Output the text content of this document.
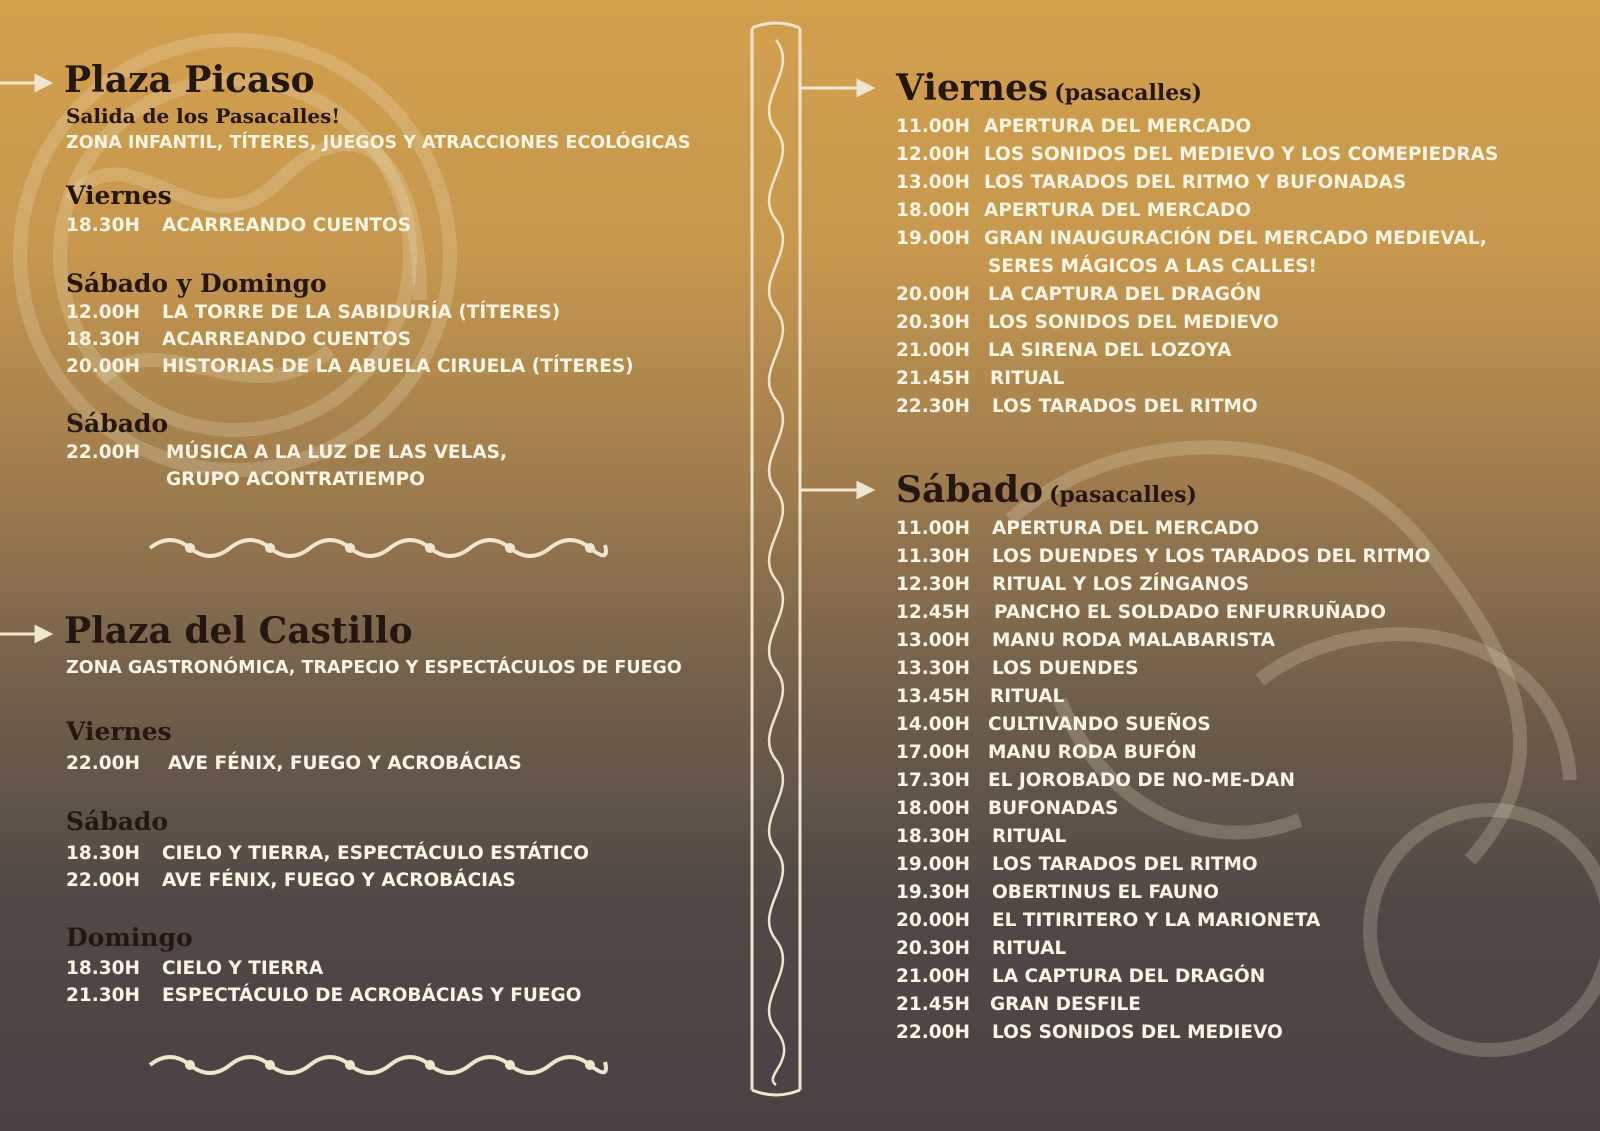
Plaza Picaso
Salida de los Pasacalles!
ZONA INFANTIL, TÍTERES, JUEGOS Y ATRACCIONES ECOLÓGICAS
Viernes
18.30H ACARREANDO CUENTOS
Sábado y Domingo
12.00H LA TORRE DE LA SABIDURÍA (TÍTERES)
18.30H ACARREANDO CUENTOS
20.00H HISTORIAS DE LA ABUELA CIRUELA (TÍTERES)
Sábado
22.00H MÚSICA A LA LUZ DE LAS VELAS,
GRUPO ACONTRATIEMPO
Plaza del Castillo
ZONA GASTRONÓMICA, TRAPECIO Y ESPECTÁCULOS DE FUEGO
Viernes
22.00H AVE FÉNIX, FUEGO Y ACROBÁCIAS
Sábado
18.30H CIELO Y TIERRA, ESPECTÁCULO ESTÁTICO
22.00H AVE FÉNIX, FUEGO Y ACROBÁCIAS
Domingo
18.30H CIELO Y TIERRA
21.30H ESPECTÁCULO DE ACROBÁCIAS Y FUEGO
Viernes (pasacalles)
11.00H APERTURA DEL MERCADO
12.00H LOS SONIDOS DEL MEDIEVO Y LOS COMEPIEDRAS
13.00H LOS TARADOS DEL RITMO Y BUFONADAS
18.00H APERTURA DEL MERCADO
19.00H GRAN INAUGURACIÓN DEL MERCADO MEDIEVAL,
SERES MÁGICOS A LAS CALLES!
20.00H LA CAPTURA DEL DRAGÓN
20.30H LOS SONIDOS DEL MEDIEVO
21.00H LA SIRENA DEL LOZOYA
21.45H RITUAL
22.30H LOS TARADOS DEL RITMO
Sábado (pasacalles)
11.00H APERTURA DEL MERCADO
11.30H LOS DUENDES Y LOS TARADOS DEL RITMO
12.30H RITUAL Y LOS ZÍNGANOS
12.45H PANCHO EL SOLDADO ENFURRUÑADO
13.00H MANU RODA MALABARISTA
13.30H LOS DUENDES
13.45H RITUAL
14.00H CULTIVANDO SUEÑOS
17.00H MANU RODA BUFÓN
17.30H EL JOROBADO DE NO-ME-DAN
18.00H BUFONADAS
18.30H RITUAL
19.00H LOS TARADOS DEL RITMO
19.30H OBERTINUS EL FAUNO
20.00H EL TITIRITERO Y LA MARIONETA
20.30H RITUAL
21.00H LA CAPTURA DEL DRAGÓN
21.45H GRAN DESFILE
22.00H LOS SONIDOS DEL MEDIEVO
